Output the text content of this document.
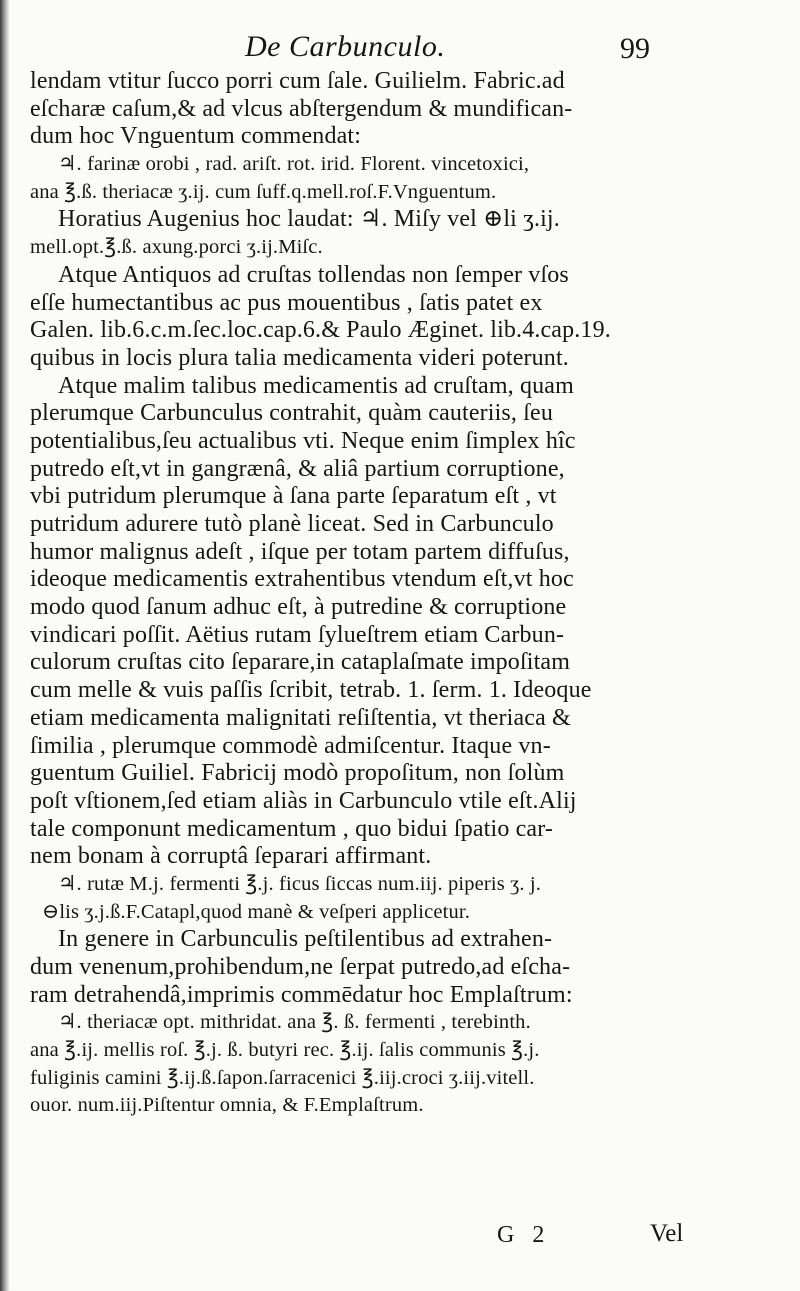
De Carbunculo.	99
lendam vtitur ſucco porri cum ſale. Guilielm. Fabric.ad
eſcharæ caſum,& ad vlcus abſtergendum & mundifican-
dum hoc Vnguentum commendat:
♃. farinæ orobi , rad. ariſt. rot. irid. Florent. vincetoxici,
ana ℥.ß. theriacæ ʒ.ij. cum ſuff.q.mell.roſ.F.Vnguentum.
Horatius Augenius hoc laudat: ♃. Miſy vel ⊕li ʒ.ij.
mell.opt.℥.ß. axung.porci ʒ.ij.Miſc.
Atque Antiquos ad cruſtas tollendas non ſemper vſos
eſſe humectantibus ac pus mouentibus , ſatis patet ex
Galen. lib.6.c.m.ſec.loc.cap.6.& Paulo Æginet. lib.4.cap.19.
quibus in locis plura talia medicamenta videri poterunt.
Atque malim talibus medicamentis ad cruſtam, quam
plerumque Carbunculus contrahit, quàm cauteriis, ſeu
potentialibus,ſeu actualibus vti. Neque enim ſimplex hîc
putredo eſt,vt in gangrænâ, & aliâ partium corruptione,
vbi putridum plerumque à ſana parte ſeparatum eſt , vt
putridum adurere tutò planè liceat. Sed in Carbunculo
humor malignus adeſt , iſque per totam partem diffuſus,
ideoque medicamentis extrahentibus vtendum eſt,vt hoc
modo quod ſanum adhuc eſt, à putredine & corruptione
vindicari poſſit. Aëtius rutam ſylueſtrem etiam Carbun-
culorum cruſtas cito ſeparare,in cataplaſmate impoſitam
cum melle & vuis paſſis ſcribit, tetrab. 1. ſerm. 1. Ideoque
etiam medicamenta malignitati reſiſtentia, vt theriaca &
ſimilia , plerumque commodè admiſcentur. Itaque vn-
guentum Guiliel. Fabricij modò propoſitum, non ſolùm
poſt vſtionem,ſed etiam aliàs in Carbunculo vtile eſt.Alij
tale componunt medicamentum , quo bidui ſpatio car-
nem bonam à corruptâ ſeparari affirmant.
♃. rutæ M.j. fermenti ℥.j. ficus ſiccas num.iij. piperis ʒ. j.
⊖lis ʒ.j.ß.F.Catapl,quod manè & veſperi applicetur.
In genere in Carbunculis peſtilentibus ad extrahen-
dum venenum,prohibendum,ne ſerpat putredo,ad eſcha-
ram detrahendâ,imprimis commēdatur hoc Emplaſtrum:
♃. theriacæ opt. mithridat. ana ℥. ß. fermenti , terebinth.
ana ℥.ij. mellis roſ. ℥.j. ß. butyri rec. ℥.ij. ſalis communis ℥.j.
fuliginis camini ℥.ij.ß.ſapon.ſarracenici ℥.iij.croci ʒ.iij.vitell.
ouor. num.iij.Piſtentur omnia, & F.Emplaſtrum.
G 2	Vel
